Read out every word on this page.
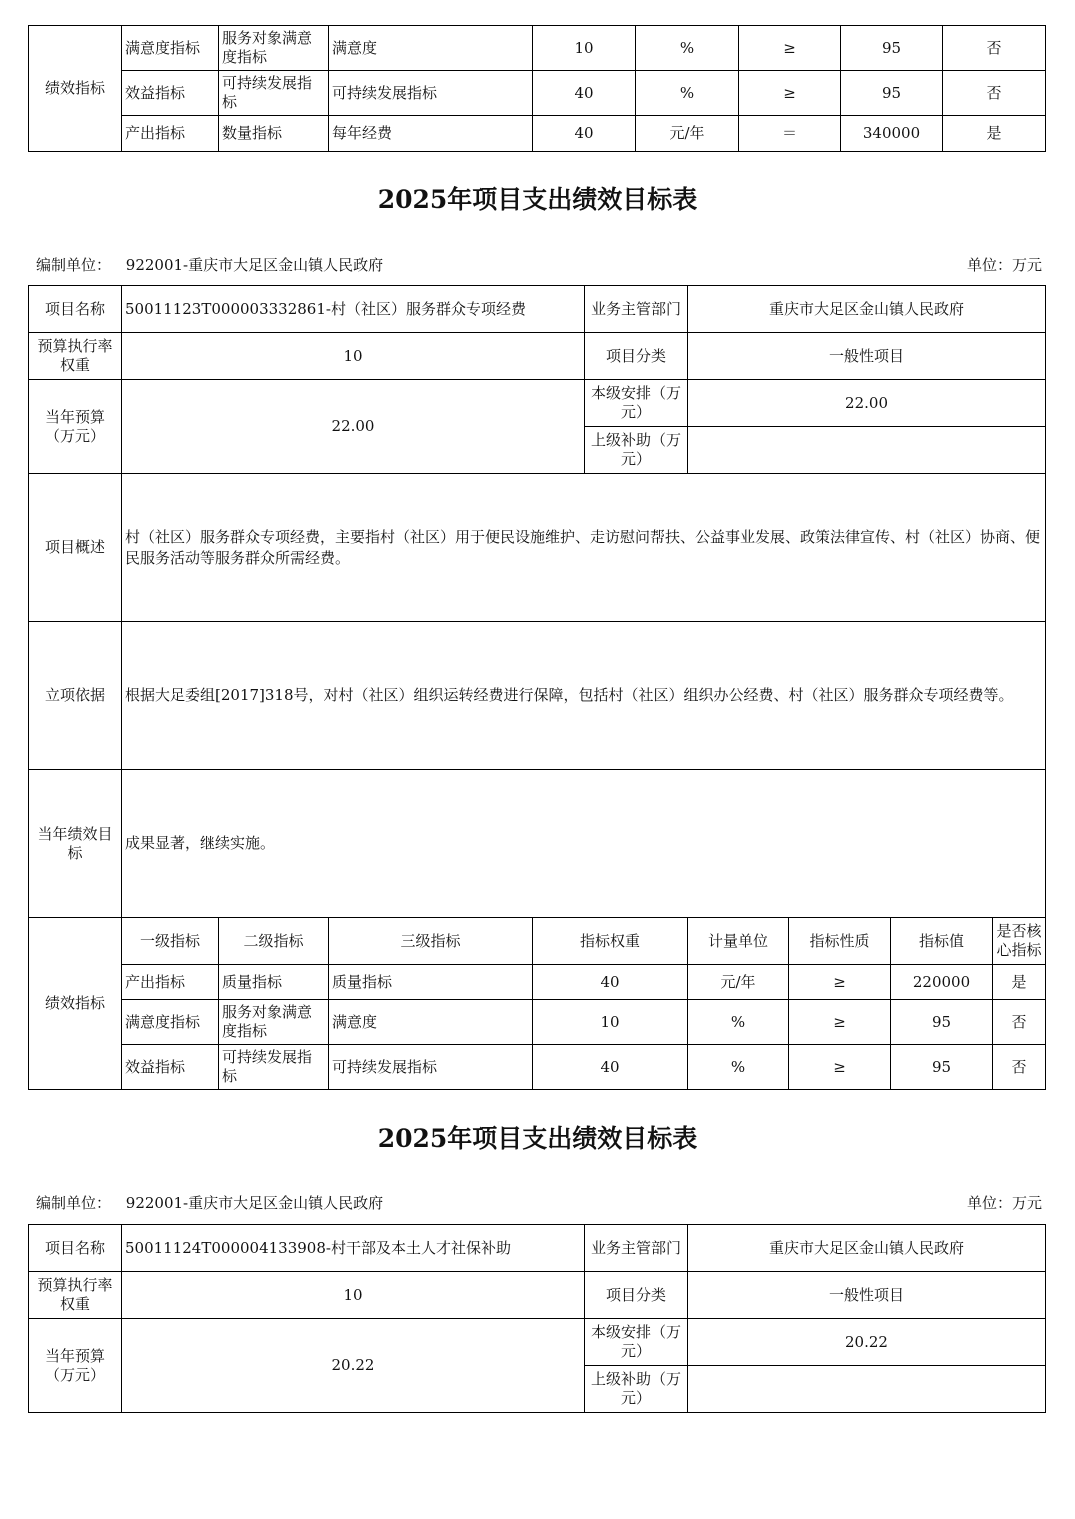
绩效指标	满意度指标	服务对象满意度指标	满意度	10	%	≥	95	否
	效益指标	可持续发展指标	可持续发展指标	40	%	≥	95	否
	产出指标	数量指标	每年经费	40	元/年	＝	340000	是
2025年项目支出绩效目标表
编制单位： 922001-重庆市大足区金山镇人民政府	单位：万元
项目名称	50011123T000003332861-村（社区）服务群众专项经费				业务主管部门	重庆市大足区金山镇人民政府			
预算执行率权重	10				项目分类	一般性项目			
当年预算（万元）	22.00				本级安排（万元）	22.00			
					上级补助（万元）				
项目概述	村（社区）服务群众专项经费，主要指村（社区）用于便民设施维护、走访慰问帮扶、公益事业发展、政策法律宣传、村（社区）协商、便民服务活动等服务群众所需经费。								
立项依据	根据大足委组[2017]318号，对村（社区）组织运转经费进行保障，包括村（社区）组织办公经费、村（社区）服务群众专项经费等。								
当年绩效目标	成果显著，继续实施。								
绩效指标	一级指标	二级指标	三级指标	指标权重		计量单位	指标性质	指标值	是否核心指标
	产出指标	质量指标	质量指标	40		元/年	≥	220000	是
	满意度指标	服务对象满意度指标	满意度	10		%	≥	95	否
	效益指标	可持续发展指标	可持续发展指标	40		%	≥	95	否
2025年项目支出绩效目标表
编制单位： 922001-重庆市大足区金山镇人民政府	单位：万元
项目名称	50011124T000004133908-村干部及本土人才社保补助	业务主管部门	重庆市大足区金山镇人民政府
预算执行率权重	10	项目分类	一般性项目
当年预算（万元）	20.22	本级安排（万元）	20.22
		上级补助（万元）	
